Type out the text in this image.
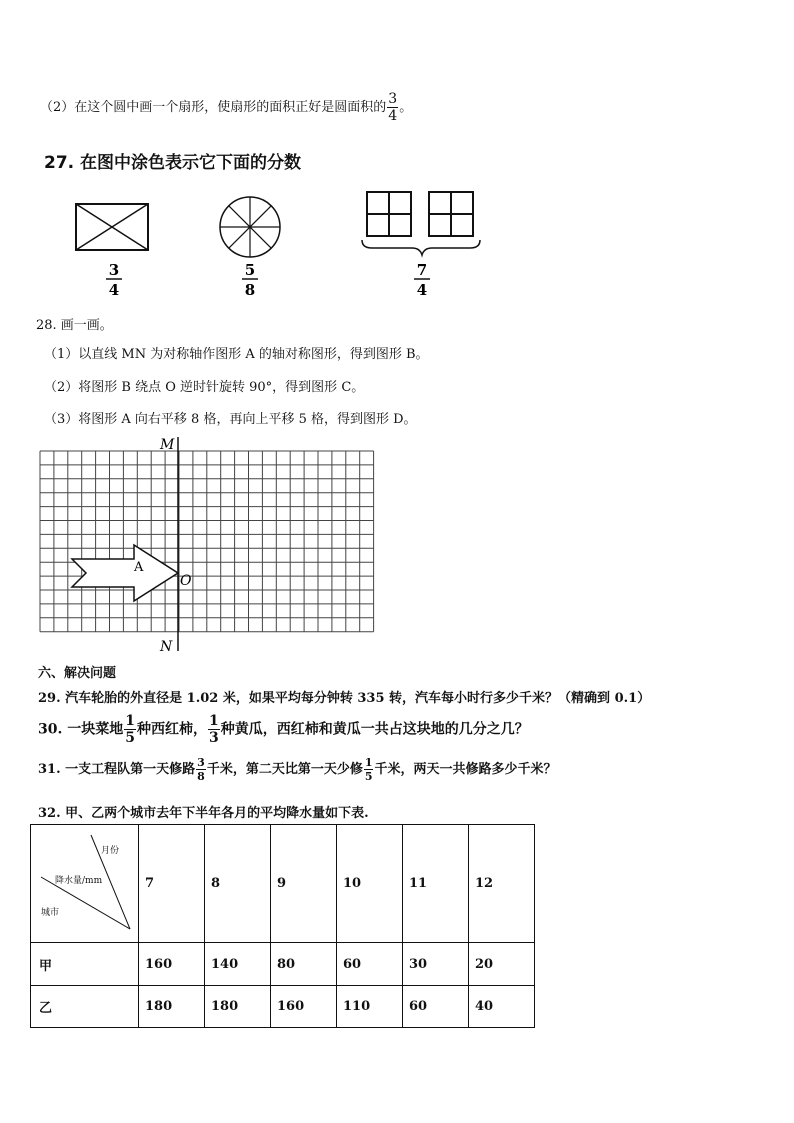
（2）在这个圆中画一个扇形，使扇形的面积正好是圆面积的 $\frac{3}{4}$ 。
27. 在图中涂色表示它下面的分数
3
4
5
8
7
4
28. 画一画。
（1）以直线 MN 为对称轴作图形 A 的轴对称图形，得到图形 B。
（2）将图形 B 绕点 O 逆时针旋转 90°，得到图形 C。
（3）将图形 A 向右平移 8 格，再向上平移 5 格，得到图形 D。
M
N
O
A
六、解决问题
29. 汽车轮胎的外直径是 1.02 米，如果平均每分钟转 335 转，汽车每小时行多少千米？（精确到 0.1）
30. 一块菜地 $\frac{1}{5}$ 种西红柿， $\frac{1}{3}$ 种黄瓜，西红柿和黄瓜一共占这块地的几分之几？
31. 一支工程队第一天修路 $\frac{3}{8}$ 千米，第二天比第一天少修 $\frac{1}{5}$ 千米，两天一共修路多少千米？
32. 甲、乙两个城市去年下半年各月的平均降水量如下表.
月份
降水量/mm
城市	7	8	9	10	11	12
甲	160	140	80	60	30	20
乙	180	180	160	110	60	40
